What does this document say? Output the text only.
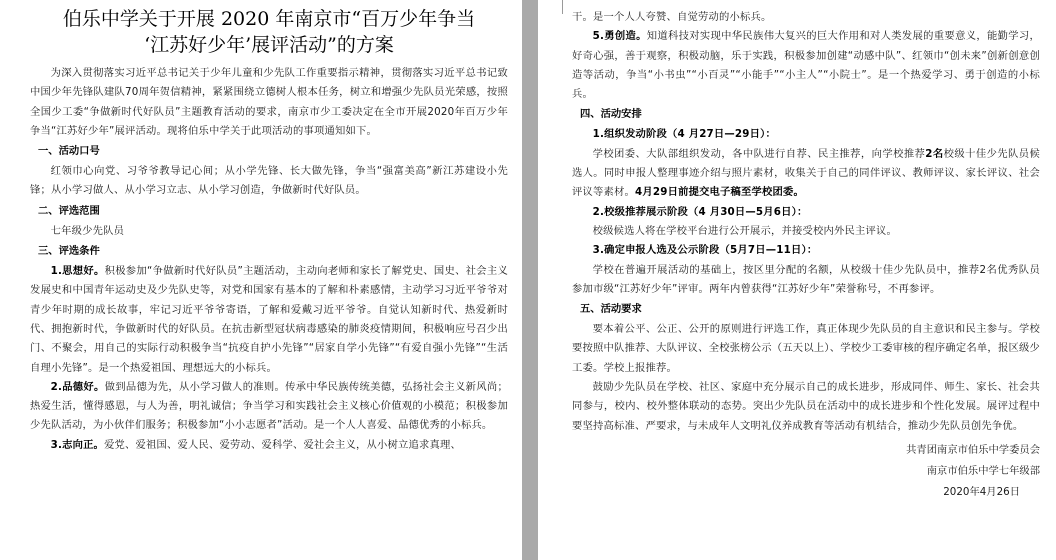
伯乐中学关于开展 2020 年南京市“百万少年争当
‘江苏好少年’展评活动”的方案

为深入贯彻落实习近平总书记关于少年儿童和少先队工作重要指示精神，贯彻落实习近平总书记致中国少年先锋队建队70周年贺信精神，紧紧围绕立德树人根本任务，树立和增强少先队员光荣感，按照全国少工委“争做新时代好队员”主题教育活动的要求，南京市少工委决定在全市开展2020年百万少年争当“江苏好少年”展评活动。现将伯乐中学关于此项活动的事项通知如下。

一、活动口号

红领巾心向党、习爷爷教导记心间；从小学先锋、长大做先锋，争当“强富美高”新江苏建设小先锋；从小学习做人、从小学习立志、从小学习创造，争做新时代好队员。

二、评选范围

七年级少先队员

三、评选条件

1.思想好。积极参加“争做新时代好队员”主题活动，主动向老师和家长了解党史、国史、社会主义发展史和中国青年运动史及少先队史等，对党和国家有基本的了解和朴素感情，主动学习习近平爷爷对青少年时期的成长故事，牢记习近平爷爷寄语，了解和爱戴习近平爷爷。自觉认知新时代、热爱新时代、拥抱新时代，争做新时代的好队员。在抗击新型冠状病毒感染的肺炎疫情期间，积极响应号召少出门、不聚会，用自己的实际行动积极争当“抗疫自护小先锋”“居家自学小先锋”“有爱自强小先锋”“生活自理小先锋”。是一个热爱祖国、理想远大的小标兵。

2.品德好。做到品德为先，从小学习做人的准则。传承中华民族传统美德，弘扬社会主义新风尚；热爱生活，懂得感恩，与人为善，明礼诚信；争当学习和实践社会主义核心价值观的小模范；积极参加少先队活动，为小伙伴们服务；积极参加“小小志愿者”活动。是一个人人喜爱、品德优秀的小标兵。

3.志向正。爱党、爱祖国、爱人民、爱劳动、爱科学、爱社会主义，从小树立追求真理、

干。是一个人人夸赞、自觉劳动的小标兵。

5.勇创造。知道科技对实现中华民族伟大复兴的巨大作用和对人类发展的重要意义，能勤学习，好奇心强，善于观察，积极动脑，乐于实践，积极参加创建“动感中队”、红领巾“创未来”创新创意创造等活动，争当“小书虫”“小百灵”“小能手”“小主人”“小院士”。是一个热爱学习、勇于创造的小标兵。

四、活动安排

1.组织发动阶段（4 月27日—29日）：

学校团委、大队部组织发动，各中队进行自荐、民主推荐，向学校推荐2名校级十佳少先队员候选人。同时申报人整理事迹介绍与照片素材，收集关于自己的同伴评议、教师评议、家长评议、社会评议等素材。4月29日前提交电子稿至学校团委。

2.校级推荐展示阶段（4 月30日—5月6日）：

校级候选人将在学校平台进行公开展示，并接受校内外民主评议。

3.确定申报人选及公示阶段（5月7日—11日）：

学校在普遍开展活动的基础上，按区里分配的名额，从校级十佳少先队员中，推荐2名优秀队员参加市级“江苏好少年”评审。两年内曾获得“江苏好少年”荣誉称号，不再参评。

五、活动要求

要本着公平、公正、公开的原则进行评选工作，真正体现少先队员的自主意识和民主参与。学校要按照中队推荐、大队评议、全校张榜公示（五天以上）、学校少工委审核的程序确定名单，报区级少工委。学校上报推荐。

鼓励少先队员在学校、社区、家庭中充分展示自己的成长进步，形成同伴、师生、家长、社会共同参与，校内、校外整体联动的态势。突出少先队员在活动中的成长进步和个性化发展。展评过程中要坚持高标准、严要求，与未成年人文明礼仪养成教育等活动有机结合，推动少先队员创先争优。

共青团南京市伯乐中学委员会

南京市伯乐中学七年级部

2020年4月26日
